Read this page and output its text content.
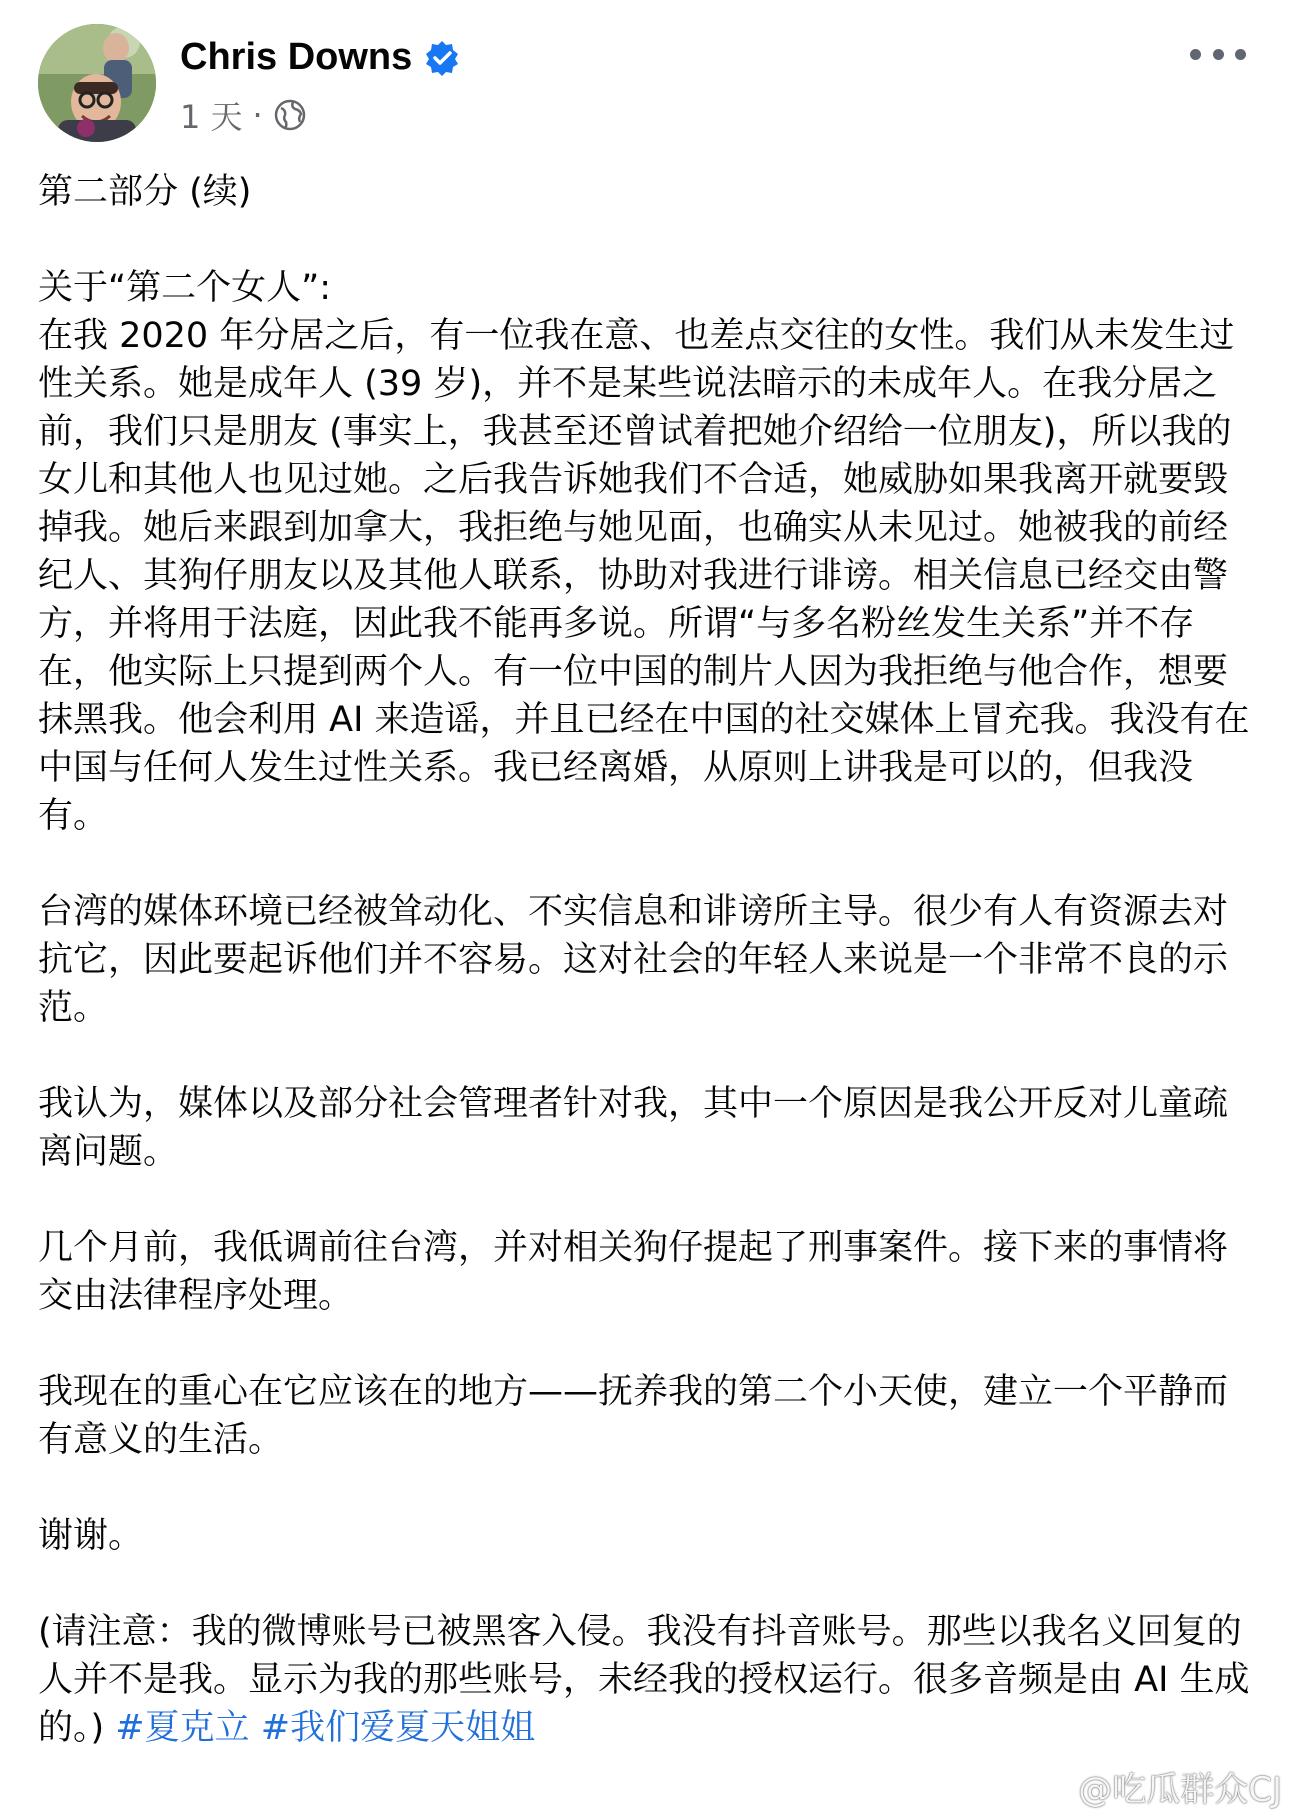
Chris Downs
1 天 ·

第二部分 (续)

关于“第二个女人”:
在我 2020 年分居之后，有一位我在意、也差点交往的女性。我们从未发生过性关系。她是成年人 (39 岁)，并不是某些说法暗示的未成年人。在我分居之前，我们只是朋友 (事实上，我甚至还曾试着把她介绍给一位朋友)，所以我的女儿和其他人也见过她。之后我告诉她我们不合适，她威胁如果我离开就要毁掉我。她后来跟到加拿大，我拒绝与她见面，也确实从未见过。她被我的前经纪人、其狗仔朋友以及其他人联系，协助对我进行诽谤。相关信息已经交由警方，并将用于法庭，因此我不能再多说。所谓“与多名粉丝发生关系”并不存在，他实际上只提到两个人。有一位中国的制片人因为我拒绝与他合作，想要抹黑我。他会利用 AI 来造谣，并且已经在中国的社交媒体上冒充我。我没有在中国与任何人发生过性关系。我已经离婚，从原则上讲我是可以的，但我没有。

台湾的媒体环境已经被耸动化、不实信息和诽谤所主导。很少有人有资源去对抗它，因此要起诉他们并不容易。这对社会的年轻人来说是一个非常不良的示范。

我认为，媒体以及部分社会管理者针对我，其中一个原因是我公开反对儿童疏离问题。

几个月前，我低调前往台湾，并对相关狗仔提起了刑事案件。接下来的事情将交由法律程序处理。

我现在的重心在它应该在的地方——抚养我的第二个小天使，建立一个平静而有意义的生活。

谢谢。

(请注意：我的微博账号已被黑客入侵。我没有抖音账号。那些以我名义回复的人并不是我。显示为我的那些账号，未经我的授权运行。很多音频是由 AI 生成的。) #夏克立 #我们爱夏天姐姐

@吃瓜群众CJ
